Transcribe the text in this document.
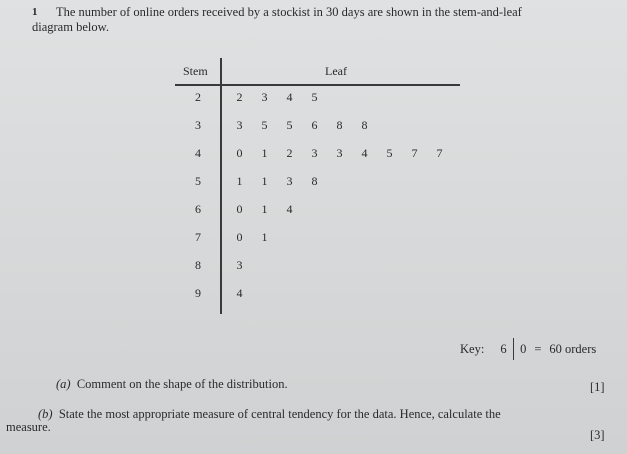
1 The number of online orders received by a stockist in 30 days are shown in the stem-and-leaf
diagram below.
Stem	Leaf
2	2	3	4	5
3	3	5	5	6	8	8
4	0	1	2	3	3	4	5	7	7
5	1	1	3	8
6	0	1	4
7	0	1
8	3
9	4
Key: 6 0 = 60 orders
(a) Comment on the shape of the distribution.	[1]
(b) State the most appropriate measure of central tendency for the data. Hence, calculate the
measure.
[3]
